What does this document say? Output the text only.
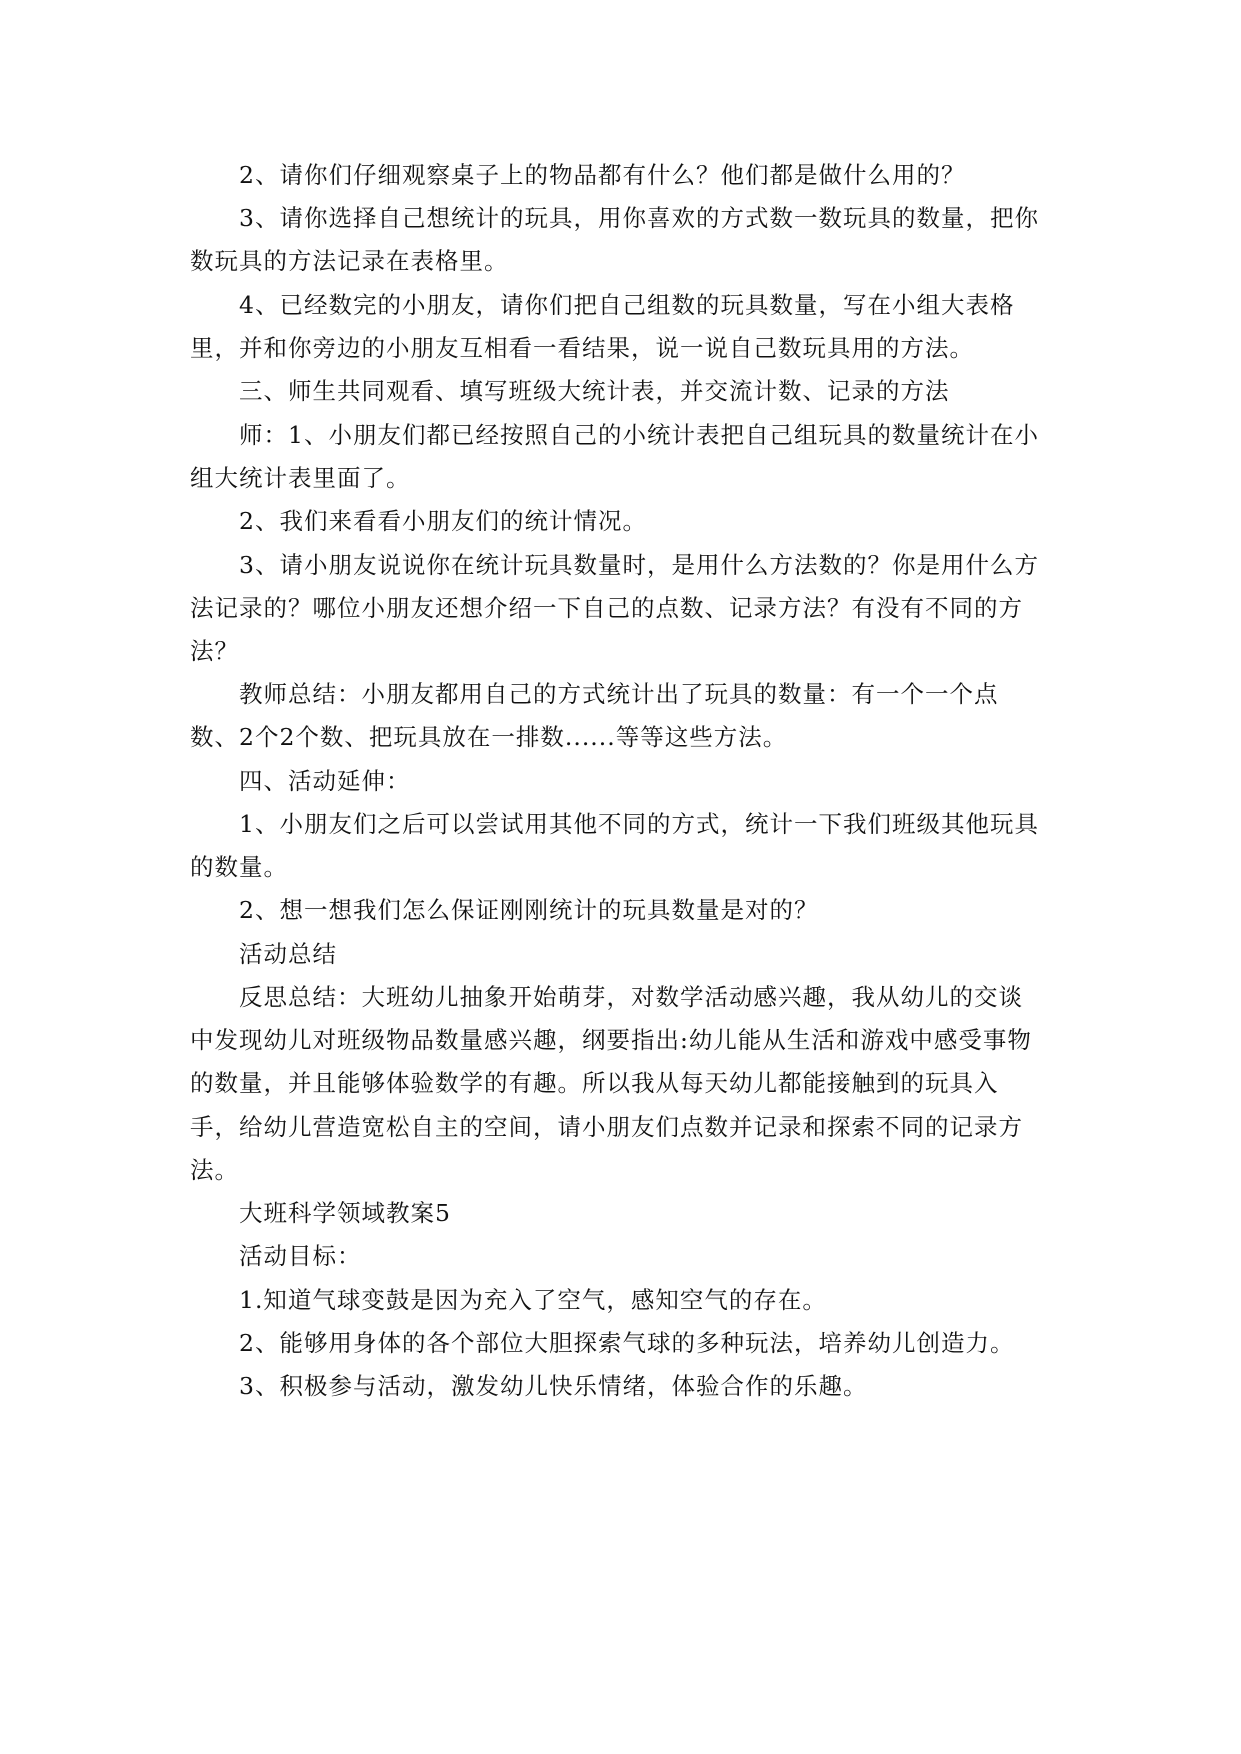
2、请你们仔细观察桌子上的物品都有什么？他们都是做什么用的？
3、请你选择自己想统计的玩具，用你喜欢的方式数一数玩具的数量，把你
数玩具的方法记录在表格里。
4、已经数完的小朋友，请你们把自己组数的玩具数量，写在小组大表格
里，并和你旁边的小朋友互相看一看结果，说一说自己数玩具用的方法。
三、师生共同观看、填写班级大统计表，并交流计数、记录的方法
师：1、小朋友们都已经按照自己的小统计表把自己组玩具的数量统计在小
组大统计表里面了。
2、我们来看看小朋友们的统计情况。
3、请小朋友说说你在统计玩具数量时，是用什么方法数的？你是用什么方
法记录的？哪位小朋友还想介绍一下自己的点数、记录方法？有没有不同的方
法？
教师总结：小朋友都用自己的方式统计出了玩具的数量：有一个一个点
数、2个2个数、把玩具放在一排数......等等这些方法。
四、活动延伸：
1、小朋友们之后可以尝试用其他不同的方式，统计一下我们班级其他玩具
的数量。
2、想一想我们怎么保证刚刚统计的玩具数量是对的？
活动总结
反思总结：大班幼儿抽象开始萌芽，对数学活动感兴趣，我从幼儿的交谈
中发现幼儿对班级物品数量感兴趣，纲要指出:幼儿能从生活和游戏中感受事物
的数量，并且能够体验数学的有趣。所以我从每天幼儿都能接触到的玩具入
手，给幼儿营造宽松自主的空间，请小朋友们点数并记录和探索不同的记录方
法。
大班科学领域教案5
活动目标：
1.知道气球变鼓是因为充入了空气，感知空气的存在。
2、能够用身体的各个部位大胆探索气球的多种玩法，培养幼儿创造力。
3、积极参与活动，激发幼儿快乐情绪，体验合作的乐趣。
